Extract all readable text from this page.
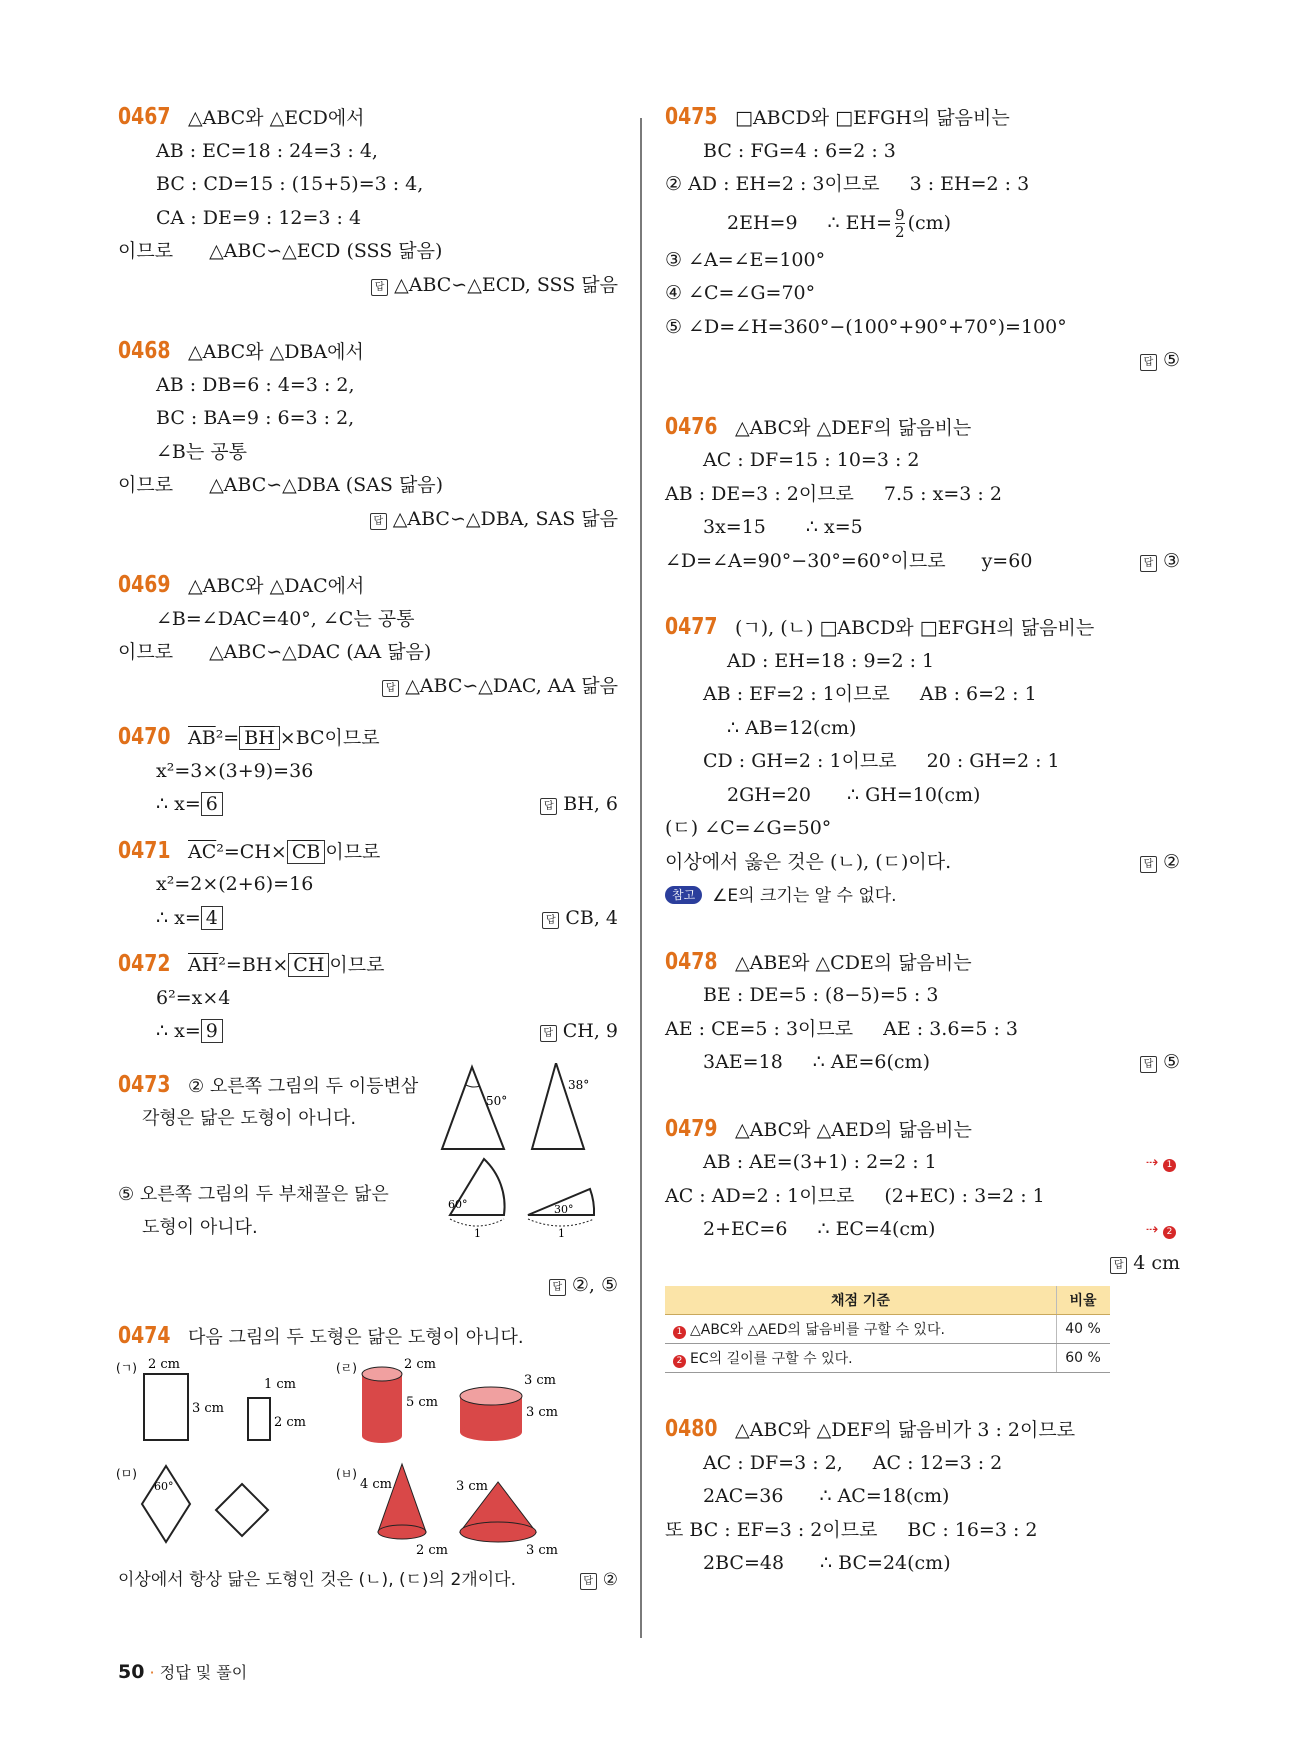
0467 △ABC와 △ECD에서
AB : EC=18 : 24=3 : 4,
BC : CD=15 : (15+5)=3 : 4,
CA : DE=9 : 12=3 : 4
이므로 △ABC∽△ECD (SSS 닮음)
답 △ABC∽△ECD, SSS 닮음
0468 △ABC와 △DBA에서
AB : DB=6 : 4=3 : 2,
BC : BA=9 : 6=3 : 2,
∠B는 공통
이므로 △ABC∽△DBA (SAS 닮음)
답 △ABC∽△DBA, SAS 닮음
0469 △ABC와 △DAC에서
∠B=∠DAC=40°, ∠C는 공통
이므로 △ABC∽△DAC (AA 닮음)
답 △ABC∽△DAC, AA 닮음
0470 $\overline{AB}^2= \overline{BH} \times BC$이므로
x²=3×(3+9)=36
∴ x= 6	답 BH, 6
0471 $\overline{AC}^2=CH\times \overline{CB}$ 이므로
x²=2×(2+6)=16
∴ x= 4	답 CB, 4
0472 $\overline{AH}^2=BH\times \overline{CH}$ 이므로
6²=x×4
∴ x= 9	답 CH, 9
0473 ② 오른쪽 그림의 두 이등변삼
각형은 닮은 도형이 아니다.
⑤ 오른쪽 그림의 두 부채꼴은 닮은
도형이 아니다.
50°
38°
60°
1
30°
1
답 ②, ⑤
0474 다음 그림의 두 도형은 닮은 도형이 아니다.
(ㄱ) 2 cm
3 cm
1 cm
2 cm
(ㄹ)	2 cm
5 cm
3 cm
3 cm
(ㅁ)
60°
(ㅂ)
4 cm
2 cm
3 cm
3 cm
이상에서 항상 닮은 도형인 것은 (ㄴ), (ㄷ)의 2개이다.	답 ②
0475 □ABCD와 □EFGH의 닮음비는
BC : FG=4 : 6=2 : 3
② AD : EH=2 : 3이므로 3 : EH=2 : 3
2EH=9 ∴ $EH= \frac{9}{2} (cm)$
③ ∠A=∠E=100°
④ ∠C=∠G=70°
⑤ ∠D=∠H=360°−(100°+90°+70°)=100°
답 ⑤
0476 △ABC와 △DEF의 닮음비는
AC : DF=15 : 10=3 : 2
AB : DE=3 : 2이므로 7.5 : x=3 : 2
3x=15 ∴ x=5
∠D=∠A=90°−30°=60°이므로 y=60	답 ③
0477 (ㄱ), (ㄴ) □ABCD와 □EFGH의 닮음비는
AD : EH=18 : 9=2 : 1
AB : EF=2 : 1이므로 AB : 6=2 : 1
∴ AB=12(cm)
CD : GH=2 : 1이므로 20 : GH=2 : 1
2GH=20 ∴ GH=10(cm)
(ㄷ) ∠C=∠G=50°
이상에서 옳은 것은 (ㄴ), (ㄷ)이다.	답 ②
참고 ∠E의 크기는 알 수 없다.
0478 △ABE와 △CDE의 닮음비는
BE : DE=5 : (8−5)=5 : 3
AE : CE=5 : 3이므로 AE : 3.6=5 : 3
3AE=18 ∴ AE=6(cm)	답 ⑤
0479 △ABC와 △AED의 닮음비는
AB : AE=(3+1) : 2=2 : 1	⇢ 1
AC : AD=2 : 1이므로 (2+EC) : 3=2 : 1
2+EC=6 ∴ EC=4(cm)	⇢ 2
답 4 cm
채점 기준	비율
1 △ABC와 △AED의 닮음비를 구할 수 있다.	40 %
2 EC의 길이를 구할 수 있다.	60 %
0480 △ABC와 △DEF의 닮음비가 3 : 2이므로
AC : DF=3 : 2, AC : 12=3 : 2
2AC=36 ∴ AC=18(cm)
또 BC : EF=3 : 2이므로 BC : 16=3 : 2
2BC=48 ∴ BC=24(cm)
50 · 정답 및 풀이
